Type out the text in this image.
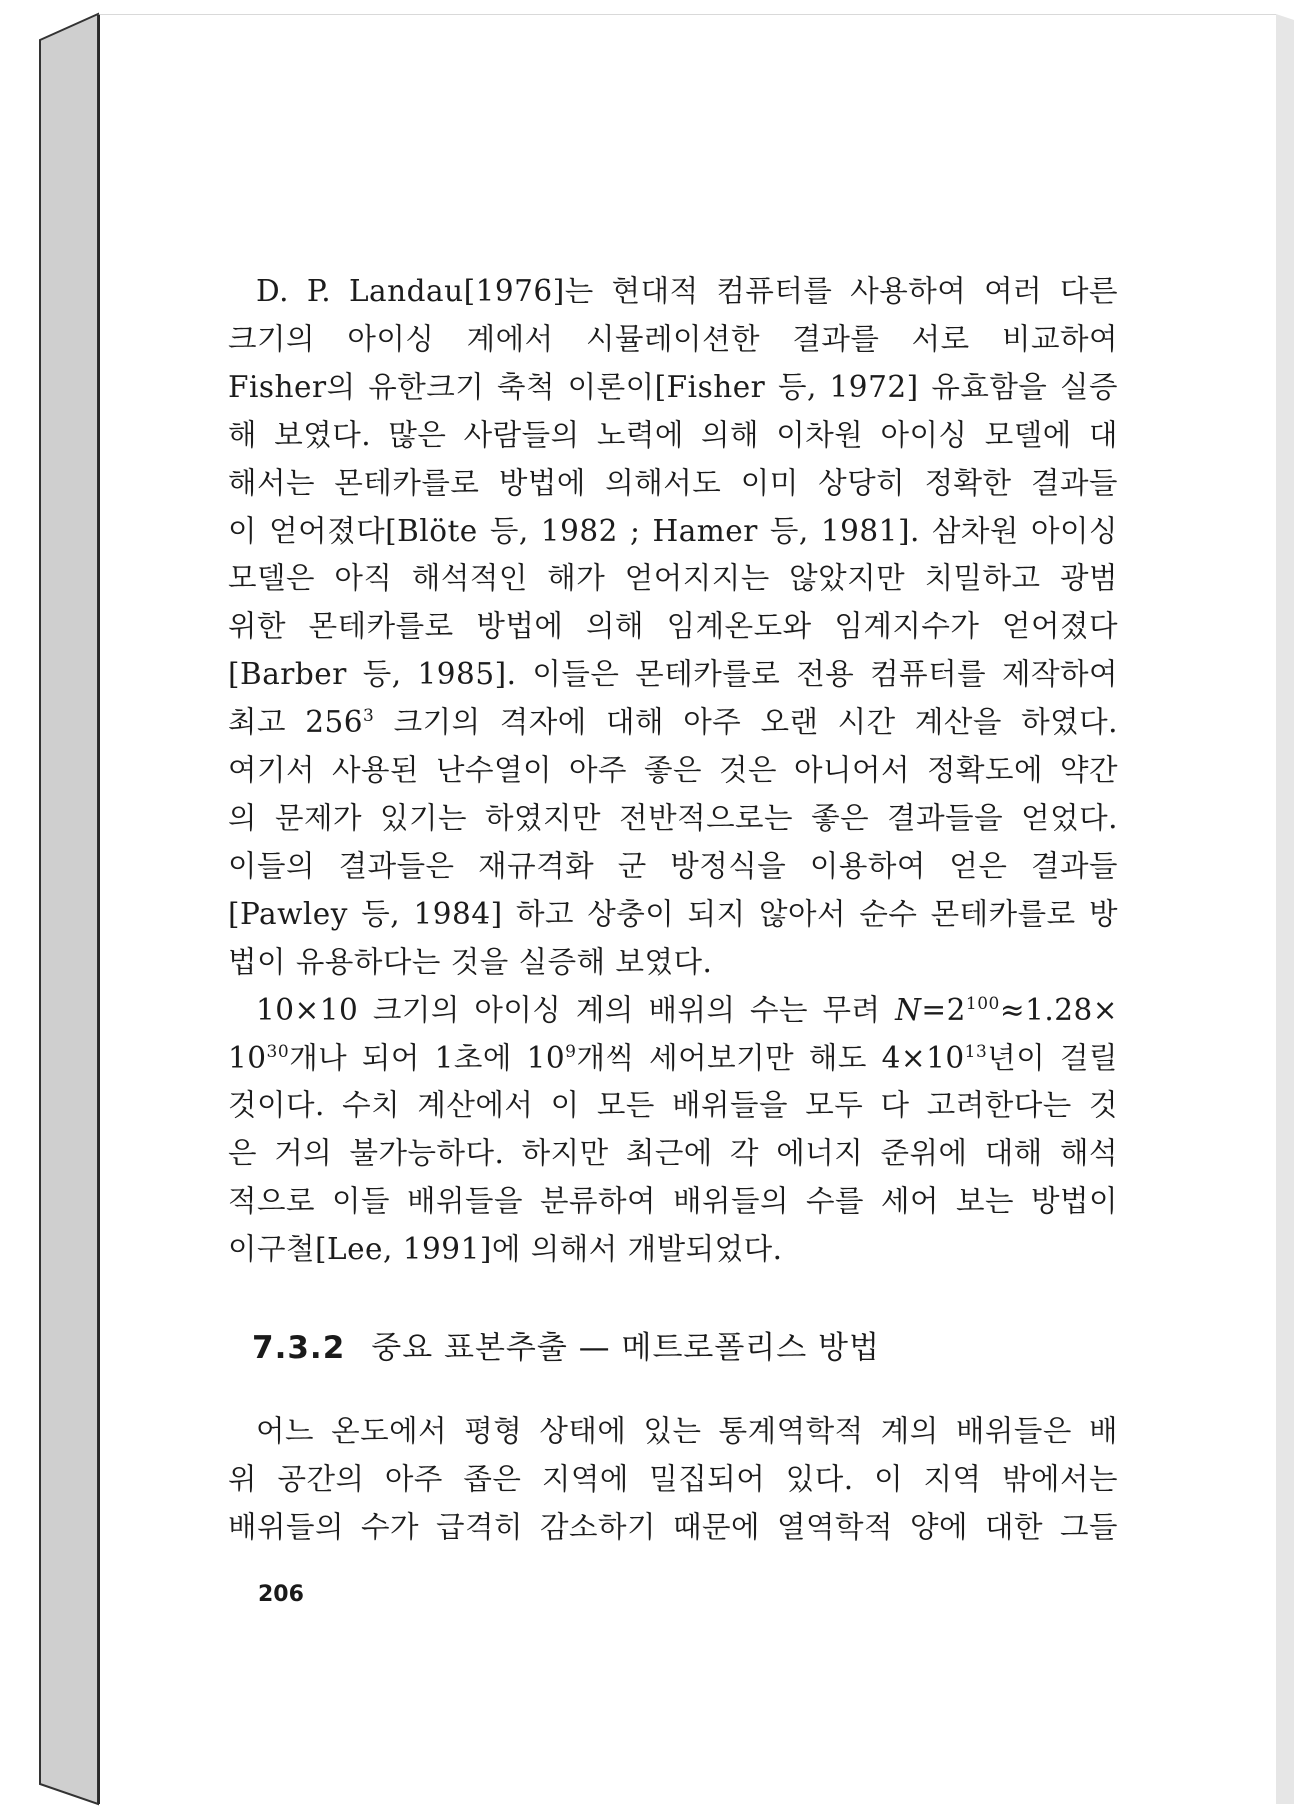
D. P. Landau[1976]는 현대적 컴퓨터를 사용하여 여러 다른
크기의 아이싱 계에서 시뮬레이션한 결과를 서로 비교하여
Fisher의 유한크기 축척 이론이[Fisher 등, 1972] 유효함을 실증
해 보였다. 많은 사람들의 노력에 의해 이차원 아이싱 모델에 대
해서는 몬테카를로 방법에 의해서도 이미 상당히 정확한 결과들
이 얻어졌다[Blöte 등, 1982 ; Hamer 등, 1981]. 삼차원 아이싱
모델은 아직 해석적인 해가 얻어지지는 않았지만 치밀하고 광범
위한 몬테카를로 방법에 의해 임계온도와 임계지수가 얻어졌다
[Barber 등, 1985]. 이들은 몬테카를로 전용 컴퓨터를 제작하여
최고 $256^3$ 크기의 격자에 대해 아주 오랜 시간 계산을 하였다.
여기서 사용된 난수열이 아주 좋은 것은 아니어서 정확도에 약간
의 문제가 있기는 하였지만 전반적으로는 좋은 결과들을 얻었다.
이들의 결과들은 재규격화 군 방정식을 이용하여 얻은 결과들
[Pawley 등, 1984] 하고 상충이 되지 않아서 순수 몬테카를로 방
법이 유용하다는 것을 실증해 보였다.

10×10 크기의 아이싱 계의 배위의 수는 무려 $N=2^{100}\approx 1.28\times$
$10^{30}$개나 되어 1초에 $10^9$개씩 세어보기만 해도 $4\times 10^{13}$년이 걸릴
것이다. 수치 계산에서 이 모든 배위들을 모두 다 고려한다는 것
은 거의 불가능하다. 하지만 최근에 각 에너지 준위에 대해 해석
적으로 이들 배위들을 분류하여 배위들의 수를 세어 보는 방법이
이구철[Lee, 1991]에 의해서 개발되었다.

7.3.2 중요 표본추출 — 메트로폴리스 방법

어느 온도에서 평형 상태에 있는 통계역학적 계의 배위들은 배
위 공간의 아주 좁은 지역에 밀집되어 있다. 이 지역 밖에서는
배위들의 수가 급격히 감소하기 때문에 열역학적 양에 대한 그들

206
